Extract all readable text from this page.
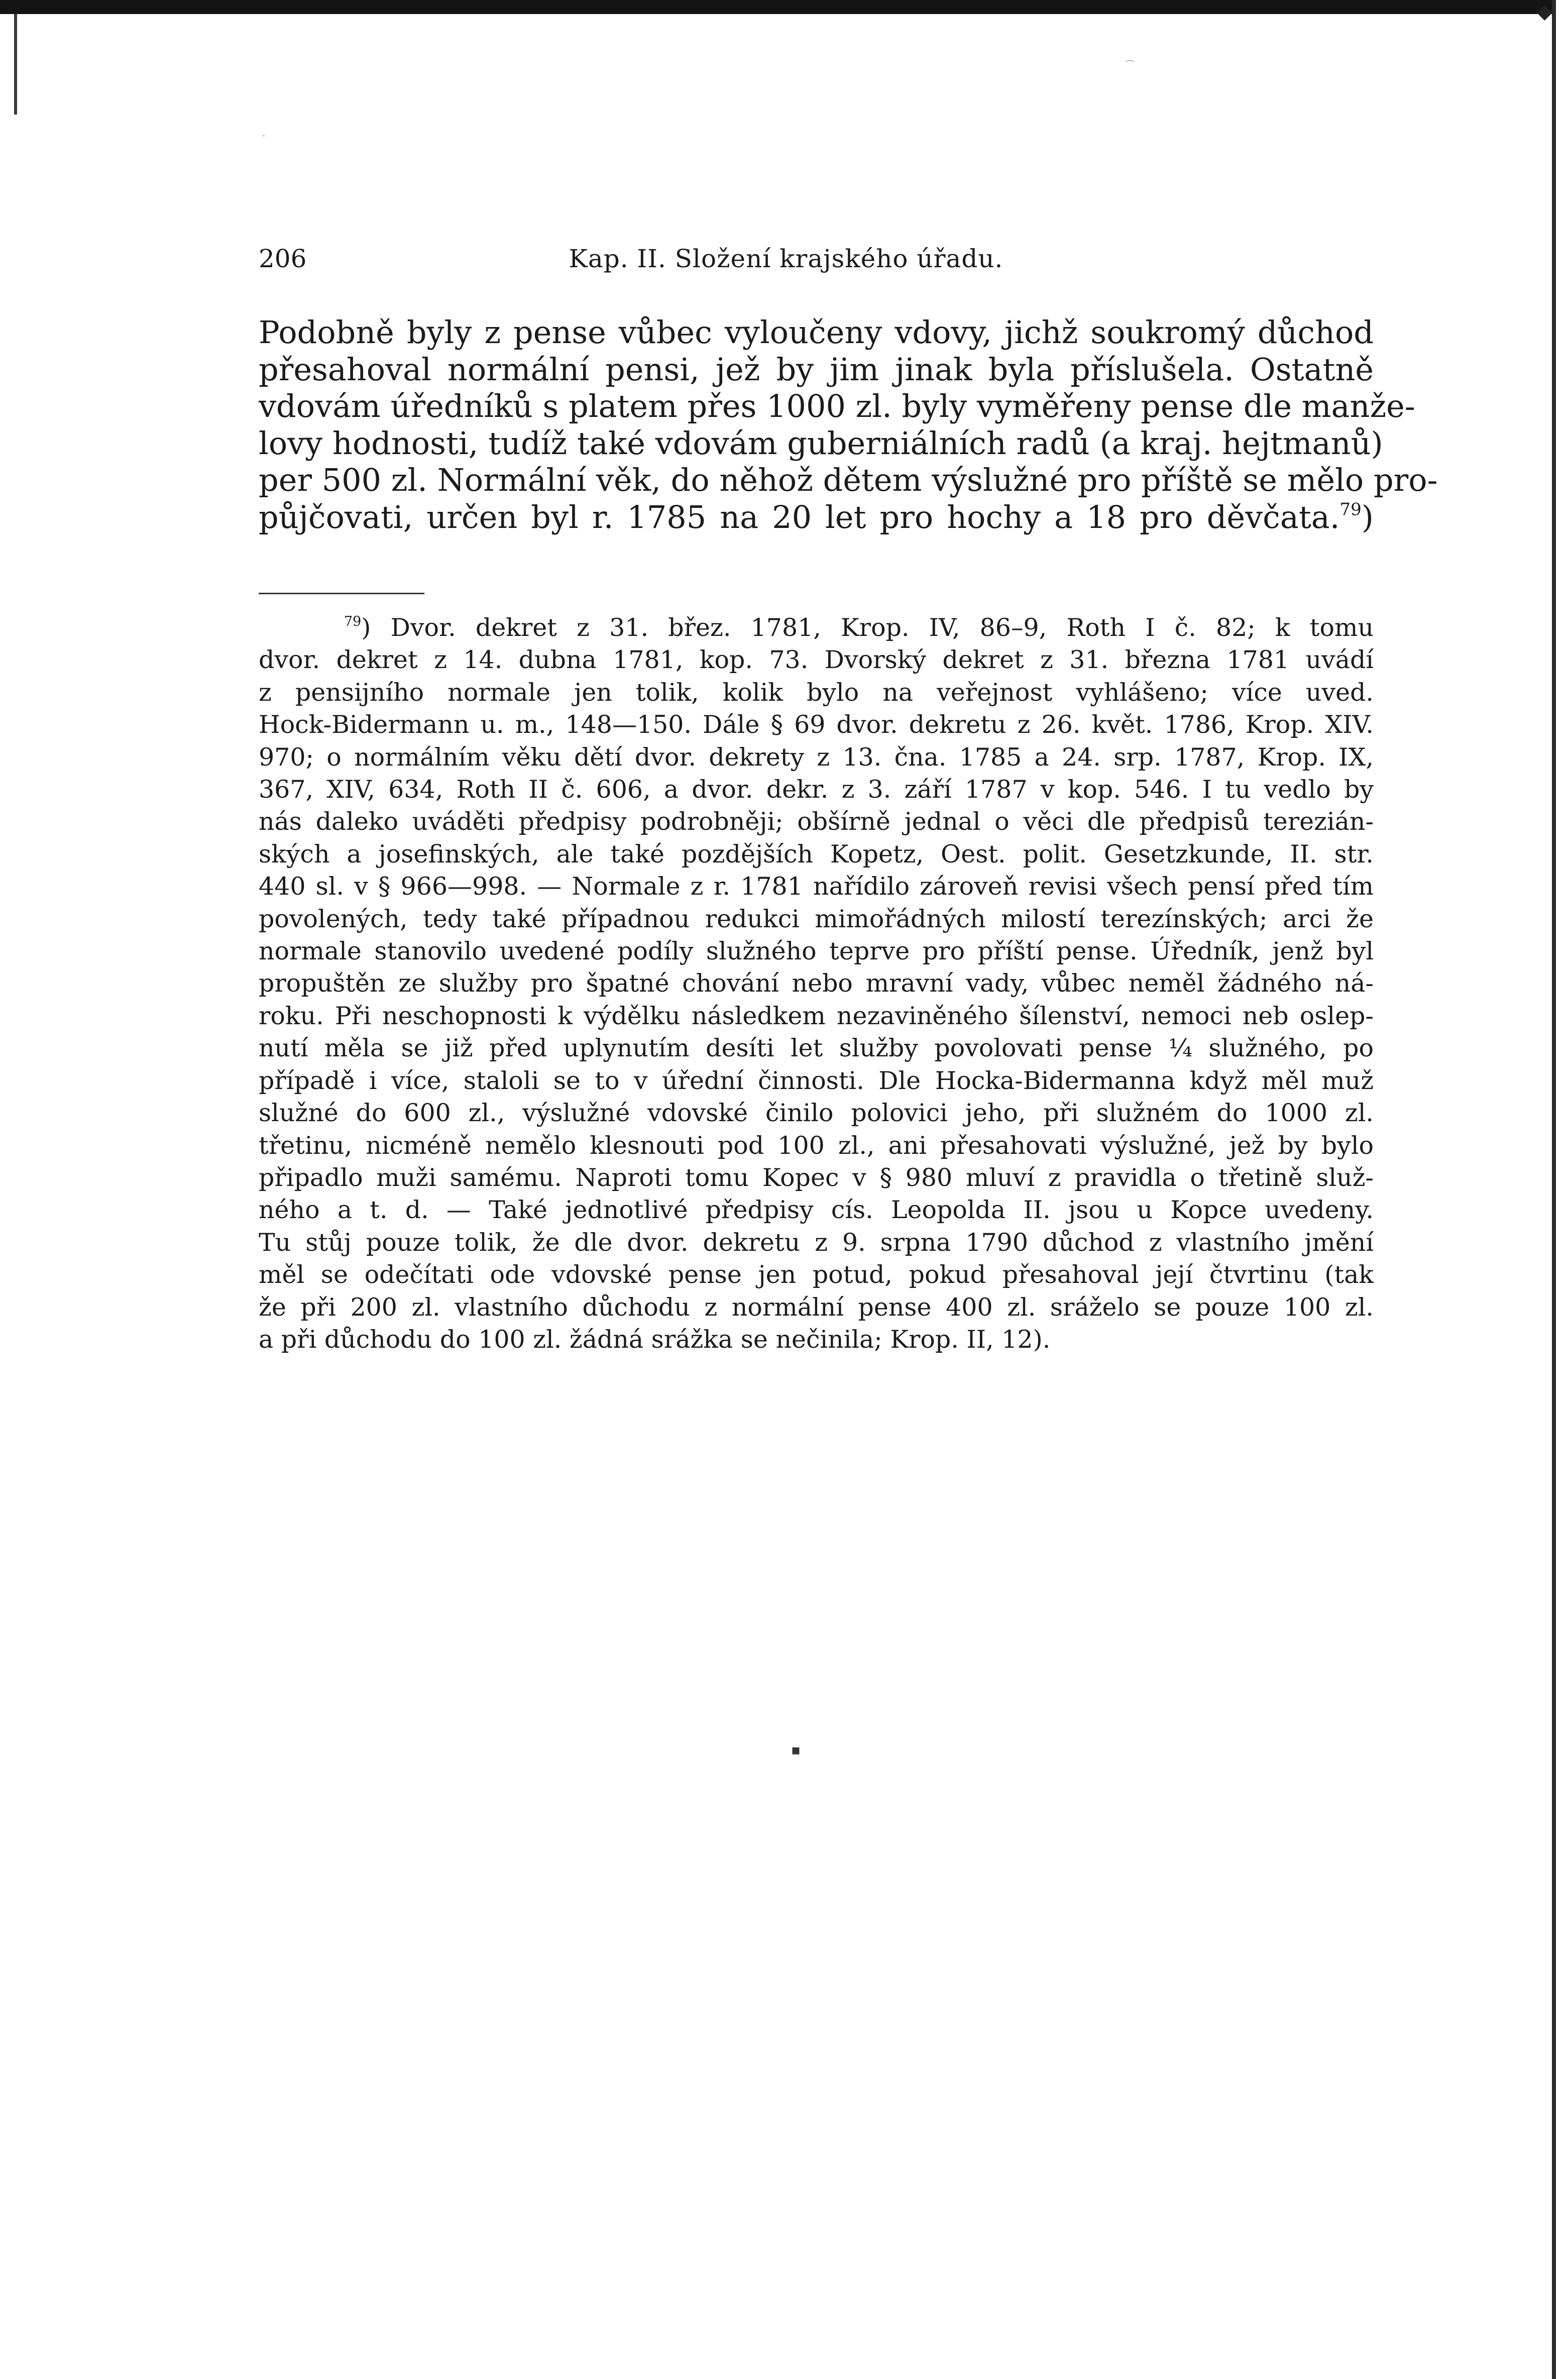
◆
⌒
·
▪
206	Kap. II. Složení krajského úřadu.
Podobně byly z pense vůbec vyloučeny vdovy, jichž soukromý důchod
přesahoval normální pensi, jež by jim jinak byla příslušela. Ostatně
vdovám úředníků s platem přes 1000 zl. byly vyměřeny pense dle manže-
lovy hodnosti, tudíž také vdovám guberniálních radů (a kraj. hejtmanů)
per 500 zl. Normální věk, do něhož dětem výslužné pro příště se mělo pro-
půjčovati, určen byl r. 1785 na 20 let pro hochy a 18 pro děvčata.$^{79}$)
$^{79}$) Dvor. dekret z 31. břez. 1781, Krop. IV, 86–9, Roth I č. 82; k tomu
dvor. dekret z 14. dubna 1781, kop. 73. Dvorský dekret z 31. března 1781 uvádí
z pensijního normale jen tolik, kolik bylo na veřejnost vyhlášeno; více uved.
Hock-Bidermann u. m., 148—150. Dále § 69 dvor. dekretu z 26. květ. 1786, Krop. XIV.
970; o normálním věku dětí dvor. dekrety z 13. čna. 1785 a 24. srp. 1787, Krop. IX,
367, XIV, 634, Roth II č. 606, a dvor. dekr. z 3. září 1787 v kop. 546. I tu vedlo by
nás daleko uváděti předpisy podrobněji; obšírně jednal o věci dle předpisů terezián-
ských a josefinských, ale také pozdějších Kopetz, Oest. polit. Gesetzkunde, II. str.
440 sl. v § 966—998. — Normale z r. 1781 nařídilo zároveň revisi všech pensí před tím
povolených, tedy také případnou redukci mimořádných milostí terezínských; arci že
normale stanovilo uvedené podíly služného teprve pro příští pense. Úředník, jenž byl
propuštěn ze služby pro špatné chování nebo mravní vady, vůbec neměl žádného ná-
roku. Při neschopnosti k výdělku následkem nezaviněného šílenství, nemoci neb oslep-
nutí měla se již před uplynutím desíti let služby povolovati pense ¼ služného, po
případě i více, staloli se to v úřední činnosti. Dle Hocka-Bidermanna když měl muž
služné do 600 zl., výslužné vdovské činilo polovici jeho, při služném do 1000 zl.
třetinu, nicméně nemělo klesnouti pod 100 zl., ani přesahovati výslužné, jež by bylo
připadlo muži samému. Naproti tomu Kopec v § 980 mluví z pravidla o třetině služ-
ného a t. d. — Také jednotlivé předpisy cís. Leopolda II. jsou u Kopce uvedeny.
Tu stůj pouze tolik, že dle dvor. dekretu z 9. srpna 1790 důchod z vlastního jmění
měl se odečítati ode vdovské pense jen potud, pokud přesahoval její čtvrtinu (tak
že při 200 zl. vlastního důchodu z normální pense 400 zl. sráželo se pouze 100 zl.
a při důchodu do 100 zl. žádná srážka se nečinila; Krop. II, 12).
